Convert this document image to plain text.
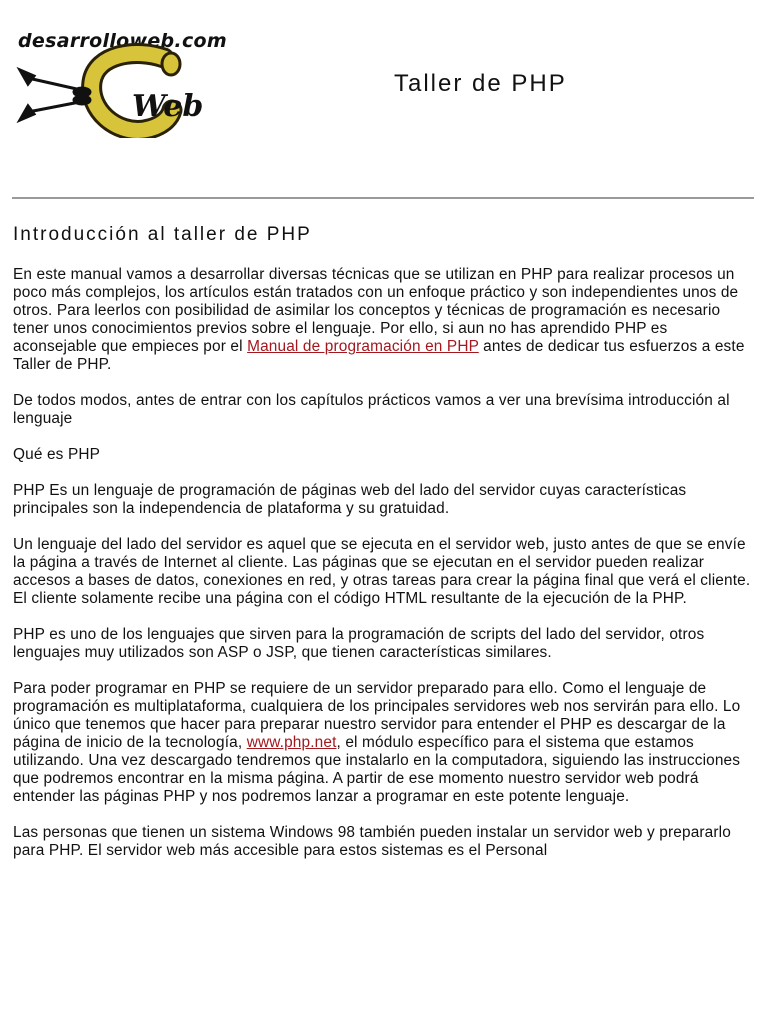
desarrolloweb.com
Web
Taller de PHP
Introducción al taller de PHP

En este manual vamos a desarrollar diversas técnicas que se utilizan en PHP para realizar procesos un poco más complejos, los artículos están tratados con un enfoque práctico y son independientes unos de otros. Para leerlos con posibilidad de asimilar los conceptos y técnicas de programación es necesario tener unos conocimientos previos sobre el lenguaje. Por ello, si aun no has aprendido PHP es aconsejable que empieces por el Manual de programación en PHP antes de dedicar tus esfuerzos a este Taller de PHP.

De todos modos, antes de entrar con los capítulos prácticos vamos a ver una brevísima introducción al lenguaje

Qué es PHP

PHP Es un lenguaje de programación de páginas web del lado del servidor cuyas características principales son la independencia de plataforma y su gratuidad.

Un lenguaje del lado del servidor es aquel que se ejecuta en el servidor web, justo antes de que se envíe la página a través de Internet al cliente. Las páginas que se ejecutan en el servidor pueden realizar accesos a bases de datos, conexiones en red, y otras tareas para crear la página final que verá el cliente. El cliente solamente recibe una página con el código HTML resultante de la ejecución de la PHP.

PHP es uno de los lenguajes que sirven para la programación de scripts del lado del servidor, otros lenguajes muy utilizados son ASP o JSP, que tienen características similares.

Para poder programar en PHP se requiere de un servidor preparado para ello. Como el lenguaje de programación es multiplataforma, cualquiera de los principales servidores web nos servirán para ello. Lo único que tenemos que hacer para preparar nuestro servidor para entender el PHP es descargar de la página de inicio de la tecnología, www.php.net, el módulo específico para el sistema que estamos utilizando. Una vez descargado tendremos que instalarlo en la computadora, siguiendo las instrucciones que podremos encontrar en la misma página. A partir de ese momento nuestro servidor web podrá entender las páginas PHP y nos podremos lanzar a programar en este potente lenguaje.

Las personas que tienen un sistema Windows 98 también pueden instalar un servidor web y prepararlo para PHP. El servidor web más accesible para estos sistemas es el Personal
